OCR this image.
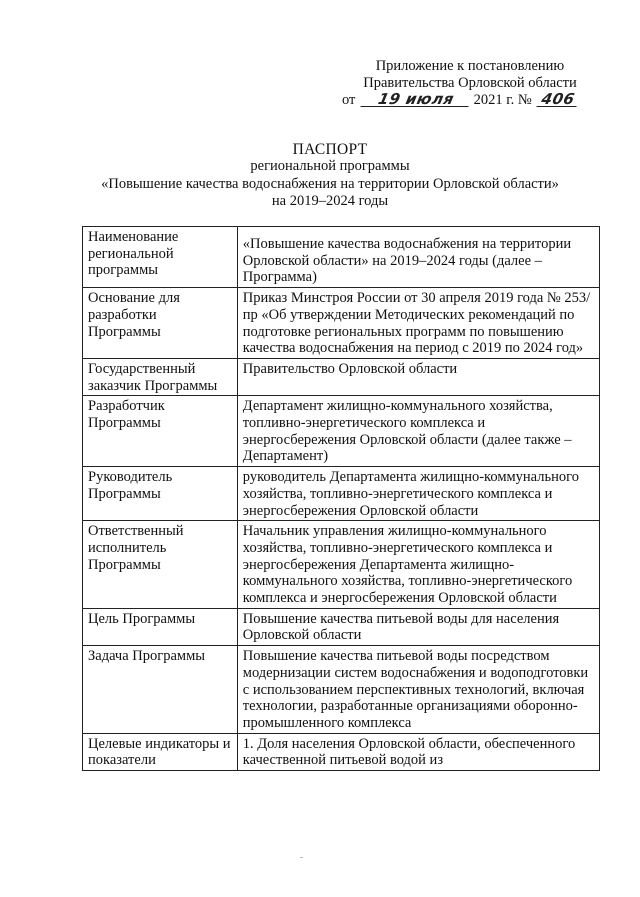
Приложение к постановлению
Правительства Орловской области
от 19 июля 2021 г. № 406
ПАСПОРТ
региональной программы
«Повышение качества водоснабжения на территории Орловской области»
на 2019–2024 годы
Наименование региональной программы	«Повышение качества водоснабжения на территории Орловской области» на 2019–2024 годы (далее – Программа)
Основание для разработки Программы	Приказ Минстроя России от 30 апреля 2019 года № 253/пр «Об утверждении Методических рекомендаций по подготовке региональных программ по повышению качества водоснабжения на период с 2019 по 2024 год»
Государственный заказчик Программы	Правительство Орловской области
Разработчик Программы	Департамент жилищно-коммунального хозяйства, топливно-энергетического комплекса и энергосбережения Орловской области (далее также – Департамент)
Руководитель Программы	руководитель Департамента жилищно-коммунального хозяйства, топливно-энергетического комплекса и энергосбережения Орловской области
Ответственный исполнитель Программы	Начальник управления жилищно-коммунального хозяйства, топливно-энергетического комплекса и энергосбережения Департамента жилищно-коммунального хозяйства, топливно-энергетического комплекса и энергосбережения Орловской области
Цель Программы	Повышение качества питьевой воды для населения Орловской области
Задача Программы	Повышение качества питьевой воды посредством модернизации систем водоснабжения и водоподготовки с использованием перспективных технологий, включая технологии, разработанные организациями оборонно-промышленного комплекса
Целевые индикаторы и показатели	1. Доля населения Орловской области, обеспеченного качественной питьевой водой из
